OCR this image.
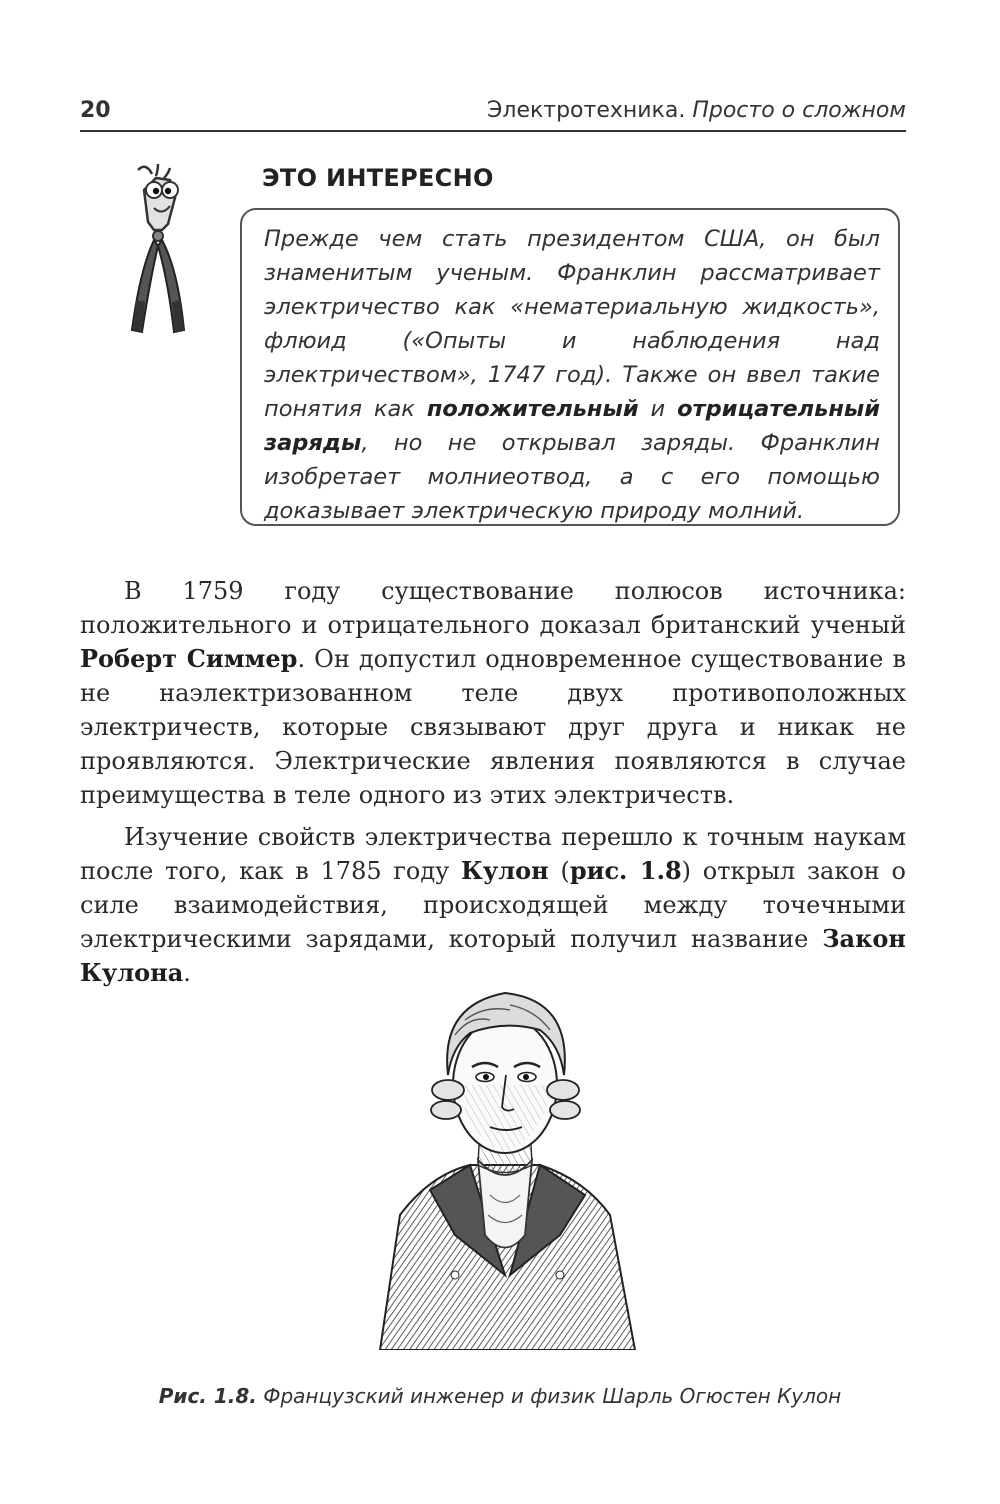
20	Электротехника. Просто о сложном
ЭТО ИНТЕРЕСНО

Прежде чем стать президентом США, он был знаменитым ученым. Франклин рассматривает электричество как «нематериальную жидкость», флюид («Опыты и наблюдения над электричеством», 1747 год). Также он ввел такие понятия как положительный и отрицательный заряды, но не открывал заряды. Франклин изобретает молниеотвод, а с его помощью доказывает электрическую природу молний.

В 1759 году существование полюсов источника: положительного и отрицательного доказал британский ученый Роберт Симмер. Он допустил одновременное существование в не наэлектризованном теле двух противоположных электричеств, которые связывают друг друга и никак не проявляются. Электрические явления появляются в случае преимущества в теле одного из этих электричеств.

Изучение свойств электричества перешло к точным наукам после того, как в 1785 году Кулон (рис. 1.8) открыл закон о силе взаимодействия, происходящей между точечными электрическими зарядами, который получил название Закон Кулона.

Рис. 1.8. Французский инженер и физик Шарль Огюстен Кулон
